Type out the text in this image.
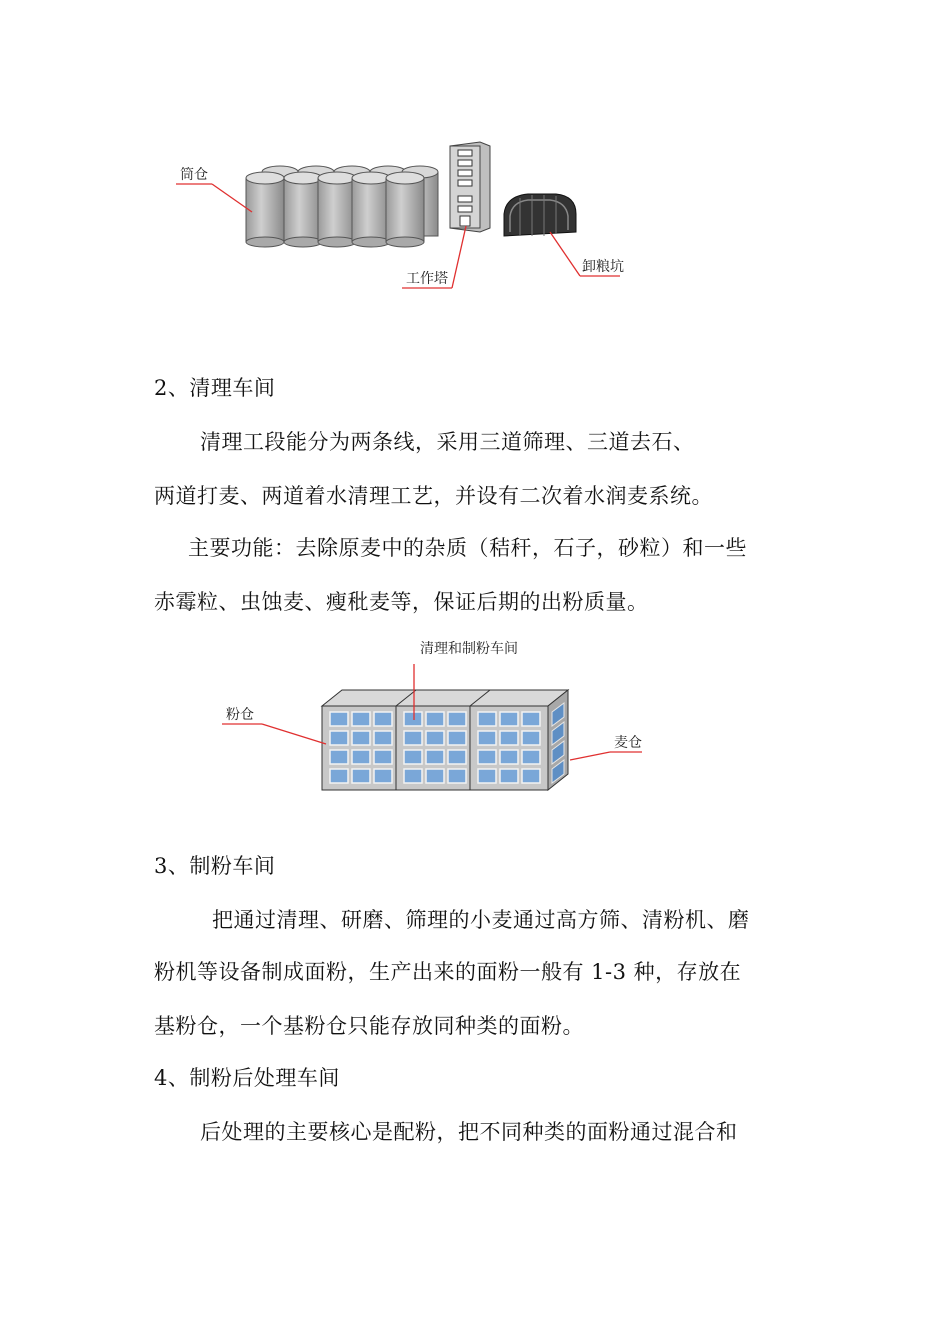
筒仓
工作塔
卸粮坑
2、清理车间
清理工段能分为两条线，采用三道筛理、三道去石、
两道打麦、两道着水清理工艺，并设有二次着水润麦系统。
主要功能：去除原麦中的杂质（秸秆，石子，砂粒）和一些
赤霉粒、虫蚀麦、瘦秕麦等，保证后期的出粉质量。
清理和制粉车间
粉仓
麦仓
3、制粉车间
把通过清理、研磨、筛理的小麦通过高方筛、清粉机、磨
粉机等设备制成面粉，生产出来的面粉一般有 1-3 种，存放在
基粉仓，一个基粉仓只能存放同种类的面粉。
4、制粉后处理车间
后处理的主要核心是配粉，把不同种类的面粉通过混合和
